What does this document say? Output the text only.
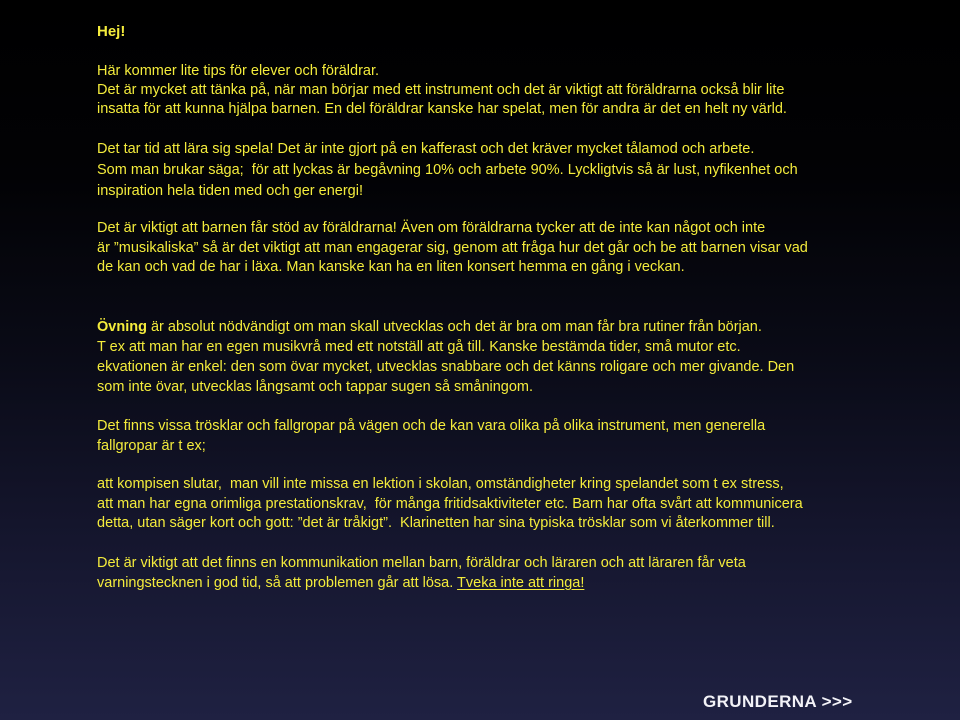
Hej!
Här kommer lite tips för elever och föräldrar.
Det är mycket att tänka på, när man börjar med ett instrument och det är viktigt att föräldrarna också blir lite
insatta för att kunna hjälpa barnen. En del föräldrar kanske har spelat, men för andra är det en helt ny värld.
Det tar tid att lära sig spela! Det är inte gjort på en kafferast och det kräver mycket tålamod och arbete.
Som man brukar säga;  för att lyckas är begåvning 10% och arbete 90%. Lyckligtvis så är lust, nyfikenhet och
inspiration hela tiden med och ger energi!
Det är viktigt att barnen får stöd av föräldrarna! Även om föräldrarna tycker att de inte kan något och inte
är ”musikaliska” så är det viktigt att man engagerar sig, genom att fråga hur det går och be att barnen visar vad
de kan och vad de har i läxa. Man kanske kan ha en liten konsert hemma en gång i veckan.
Övning är absolut nödvändigt om man skall utvecklas och det är bra om man får bra rutiner från början.
T ex att man har en egen musikvrå med ett notställ att gå till. Kanske bestämda tider, små mutor etc.
ekvationen är enkel: den som övar mycket, utvecklas snabbare och det känns roligare och mer givande. Den
som inte övar, utvecklas långsamt och tappar sugen så småningom.
Det finns vissa trösklar och fallgropar på vägen och de kan vara olika på olika instrument, men generella
fallgropar är t ex;
att kompisen slutar,  man vill inte missa en lektion i skolan, omständigheter kring spelandet som t ex stress,
att man har egna orimliga prestationskrav,  för många fritidsaktiviteter etc. Barn har ofta svårt att kommunicera
detta, utan säger kort och gott: ”det är tråkigt”.  Klarinetten har sina typiska trösklar som vi återkommer till.
Det är viktigt att det finns en kommunikation mellan barn, föräldrar och läraren och att läraren får veta
varningstecknen i god tid, så att problemen går att lösa. Tveka inte att ringa!
GRUNDERNA >>>
